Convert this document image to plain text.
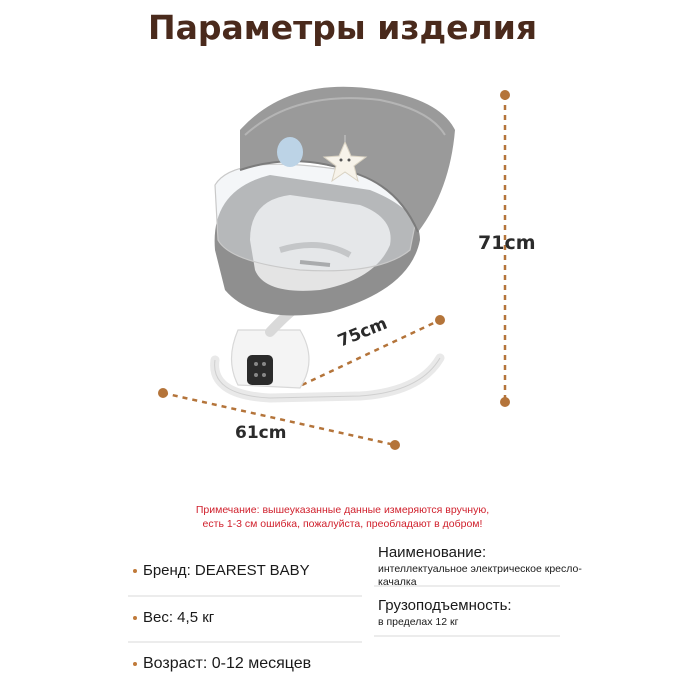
Параметры изделия
71cm
75cm
61cm
Примечание: вышеуказанные данные измеряются вручную,
есть 1-3 см ошибка, пожалуйста, преобладают в добром!
Бренд: DEAREST BABY
Вес: 4,5 кг
Возраст: 0-12 месяцев
Наименование:
интеллектуальное электрическое кресло-качалка
Грузоподъемность:
в пределах 12 кг
